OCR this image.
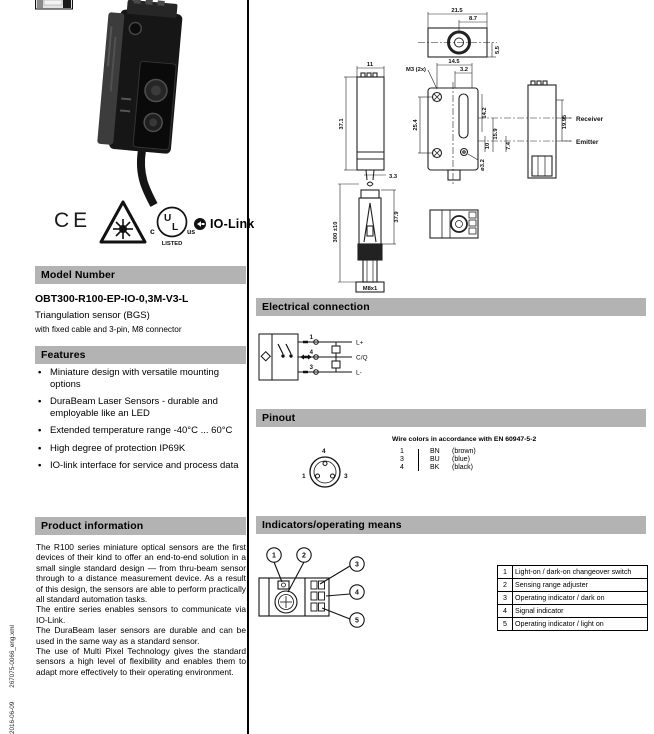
2016-06-09        267075-0066_eng.xml
CE	U
L
c	us
LISTED
IO-Link
Model Number
OBT300-R100-EP-IO-0,3M-V3-L
Triangulation sensor (BGS)
with fixed cable and 3-pin, M8 connector
Features
• Miniature design with versatile mounting options
• DuraBeam Laser Sensors - durable and employable like an LED
• Extended temperature range -40°C ... 60°C
• High degree of protection IP69K
• IO-link interface for service and process data
Product information

The R100 series miniature optical sensors are the first devices of their kind to offer an end-to-end solution in a small single standard design — from thru-beam sensor through to a distance measurement device. As a result of this design, the sensors are able to perform practically all standard automation tasks.

The entire series enables sensors to communicate via IO-Link.

The DuraBeam laser sensors are durable and can be used in the same way as a standard sensor.

The use of Multi Pixel Technology gives the standard sensors a high level of flexibility and enables them to adapt more effectively to their operating environment.

21.5
8.7
5.5
11
37.1
3.3
300 ±10
37.9
M8x1
M3 (2x)
14.5
3.2
25.4
14.2
15.9
10	7.4
ø3.2
19.95 Receiver
Emitter
Electrical connection
1
4
3
L+
C/Q
L-
Pinout
Wire colors in accordance with EN 60947-5-2
4
1	3
1	BN	(brown)
3	BU	(blue)
4	BK	(black)
Indicators/operating means
1	2
3
4
5
1	Light-on / dark-on changeover switch
2	Sensing range adjuster
3	Operating indicator / dark on
4	Signal indicator
5	Operating indicator / light on
